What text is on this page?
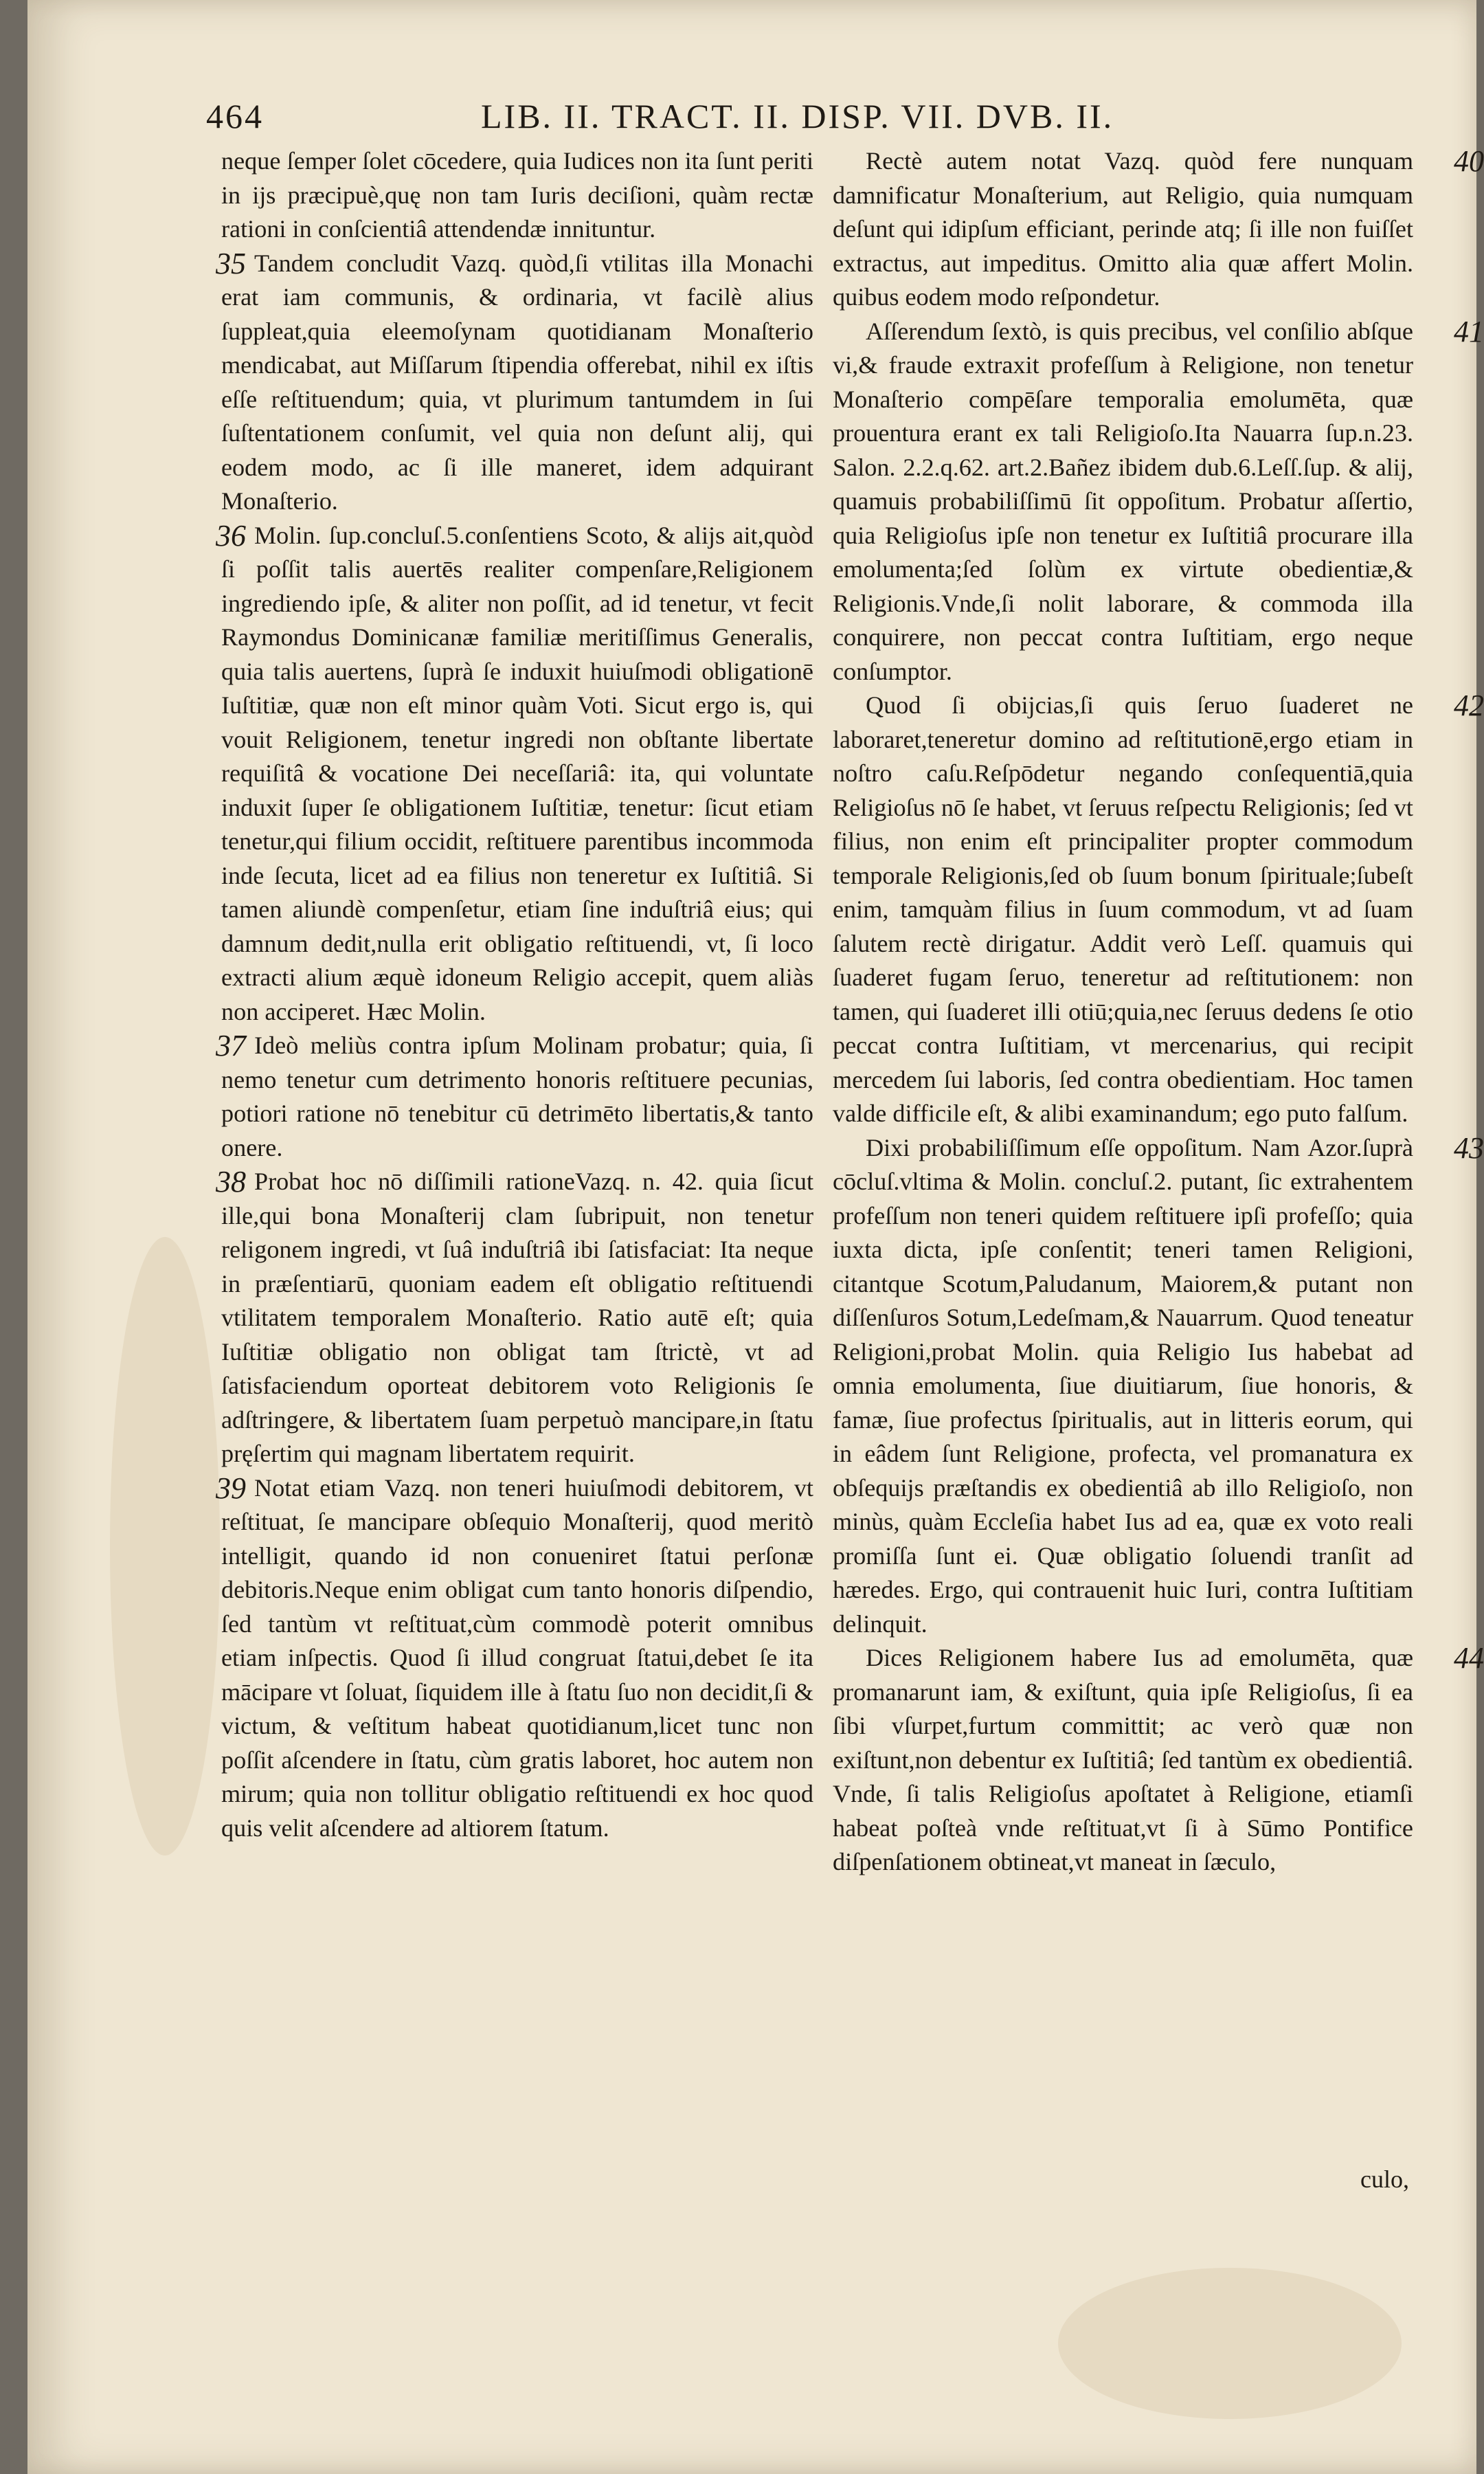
464	LIB. II. TRACT. II. DISP. VII. DVB. II.

neque ſemper ſolet cōcedere, quia Iudices non ita ſunt periti in ijs præcipuè,quę non tam Iuris deciſioni, quàm rectæ rationi in conſcientiâ attendendæ innituntur.

35 Tandem concludit Vazq. quòd,ſi vtilitas illa Monachi erat iam communis, & ordinaria, vt facilè alius ſuppleat,quia eleemoſynam quotidianam Monaſterio mendicabat, aut Miſſarum ſtipendia offerebat, nihil ex iſtis eſſe reſtituendum; quia, vt plurimum tantumdem in ſui ſuſtentationem conſumit, vel quia non deſunt alij, qui eodem modo, ac ſi ille maneret, idem adquirant Monaſterio.

36 Molin. ſup.concluſ.5.conſentiens Scoto, & alijs ait,quòd ſi poſſit talis auertēs realiter compenſare,Religionem ingrediendo ipſe, & aliter non poſſit, ad id tenetur, vt fecit Raymondus Dominicanæ familiæ meritiſſimus Generalis, quia talis auertens, ſuprà ſe induxit huiuſmodi obligationē Iuſtitiæ, quæ non eſt minor quàm Voti. Sicut ergo is, qui vouit Religionem, tenetur ingredi non obſtante libertate requiſitâ & vocatione Dei neceſſariâ: ita, qui voluntate induxit ſuper ſe obligationem Iuſtitiæ, tenetur: ſicut etiam tenetur,qui filium occidit, reſtituere parentibus incommoda inde ſecuta, licet ad ea filius non teneretur ex Iuſtitiâ. Si tamen aliundè compenſetur, etiam ſine induſtriâ eius; qui damnum dedit,nulla erit obligatio reſtituendi, vt, ſi loco extracti alium æquè idoneum Religio accepit, quem aliàs non acciperet. Hæc Molin.

37 Ideò meliùs contra ipſum Molinam probatur; quia, ſi nemo tenetur cum detrimento honoris reſtituere pecunias, potiori ratione nō tenebitur cū detrimēto libertatis,& tanto onere.

38 Probat hoc nō diſſimili rationeVazq. n. 42. quia ſicut ille,qui bona Monaſterij clam ſubripuit, non tenetur religonem ingredi, vt ſuâ induſtriâ ibi ſatisfaciat: Ita neque in præſentiarū, quoniam eadem eſt obligatio reſtituendi vtilitatem temporalem Monaſterio. Ratio autē eſt; quia Iuſtitiæ obligatio non obligat tam ſtrictè, vt ad ſatisfaciendum oporteat debitorem voto Religionis ſe adſtringere, & libertatem ſuam perpetuò mancipare,in ſtatu pręſertim qui magnam libertatem requirit.

39 Notat etiam Vazq. non teneri huiuſmodi debitorem, vt reſtituat, ſe mancipare obſequio Monaſterij, quod meritò intelligit, quando id non conueniret ſtatui perſonæ debitoris.Neque enim obligat cum tanto honoris diſpendio, ſed tantùm vt reſtituat,cùm commodè poterit omnibus etiam inſpectis. Quod ſi illud congruat ſtatui,debet ſe ita mācipare vt ſoluat, ſiquidem ille à ſtatu ſuo non decidit,ſi & victum, & veſtitum habeat quotidianum,licet tunc non poſſit aſcendere in ſtatu, cùm gratis laboret, hoc autem non mirum; quia non tollitur obligatio reſtituendi ex hoc quod quis velit aſcendere ad altiorem ſtatum.

40
Rectè autem notat Vazq. quòd fere nunquam damnificatur Monaſterium, aut Religio, quia numquam deſunt qui idipſum efficiant, perinde atq; ſi ille non fuiſſet extractus, aut impeditus. Omitto alia quæ affert Molin. quibus eodem modo reſpondetur.

41
Aſſerendum ſextò, is quis precibus, vel conſilio abſque vi,& fraude extraxit profeſſum à Religione, non tenetur Monaſterio compēſare temporalia emolumēta, quæ prouentura erant ex tali Religioſo.Ita Nauarra ſup.n.23. Salon. 2.2.q.62. art.2.Bañez ibidem dub.6.Leſſ.ſup. & alij, quamuis probabiliſſimū ſit oppoſitum. Probatur aſſertio, quia Religioſus ipſe non tenetur ex Iuſtitiâ procurare illa emolumenta;ſed ſolùm ex virtute obedientiæ,& Religionis.Vnde,ſi nolit laborare, & commoda illa conquirere, non peccat contra Iuſtitiam, ergo neque conſumptor.

42
Quod ſi obijcias,ſi quis ſeruo ſuaderet ne laboraret,teneretur domino ad reſtitutionē,ergo etiam in noſtro caſu.Reſpōdetur negando conſequentiā,quia Religioſus nō ſe habet, vt ſeruus reſpectu Religionis; ſed vt filius, non enim eſt principaliter propter commodum temporale Religionis,ſed ob ſuum bonum ſpirituale;ſubeſt enim, tamquàm filius in ſuum commodum, vt ad ſuam ſalutem rectè dirigatur. Addit verò Leſſ. quamuis qui ſuaderet fugam ſeruo, teneretur ad reſtitutionem: non tamen, qui ſuaderet illi otiū;quia,nec ſeruus dedens ſe otio peccat contra Iuſtitiam, vt mercenarius, qui recipit mercedem ſui laboris, ſed contra obedientiam. Hoc tamen valde difficile eſt, & alibi examinandum; ego puto falſum.

43
Dixi probabiliſſimum eſſe oppoſitum. Nam Azor.ſuprà cōcluſ.vltima & Molin. concluſ.2. putant, ſic extrahentem profeſſum non teneri quidem reſtituere ipſi profeſſo; quia iuxta dicta, ipſe conſentit; teneri tamen Religioni, citantque Scotum,Paludanum, Maiorem,& putant non diſſenſuros Sotum,Ledeſmam,& Nauarrum. Quod teneatur Religioni,probat Molin. quia Religio Ius habebat ad omnia emolumenta, ſiue diuitiarum, ſiue honoris, & famæ, ſiue profectus ſpiritualis, aut in litteris eorum, qui in eâdem ſunt Religione, profecta, vel promanatura ex obſequijs præſtandis ex obedientiâ ab illo Religioſo, non minùs, quàm Eccleſia habet Ius ad ea, quæ ex voto reali promiſſa ſunt ei. Quæ obligatio ſoluendi tranſit ad hæredes. Ergo, qui contrauenit huic Iuri, contra Iuſtitiam delinquit.

44
Dices Religionem habere Ius ad emolumēta, quæ promanarunt iam, & exiſtunt, quia ipſe Religioſus, ſi ea ſibi vſurpet,furtum committit; ac verò quæ non exiſtunt,non debentur ex Iuſtitiâ; ſed tantùm ex obedientiâ. Vnde, ſi talis Religioſus apoſtatet à Religione, etiamſi habeat poſteà vnde reſtituat,vt ſi à Sūmo Pontifice diſpenſationem obtineat,vt maneat in ſæculo,

culo,
